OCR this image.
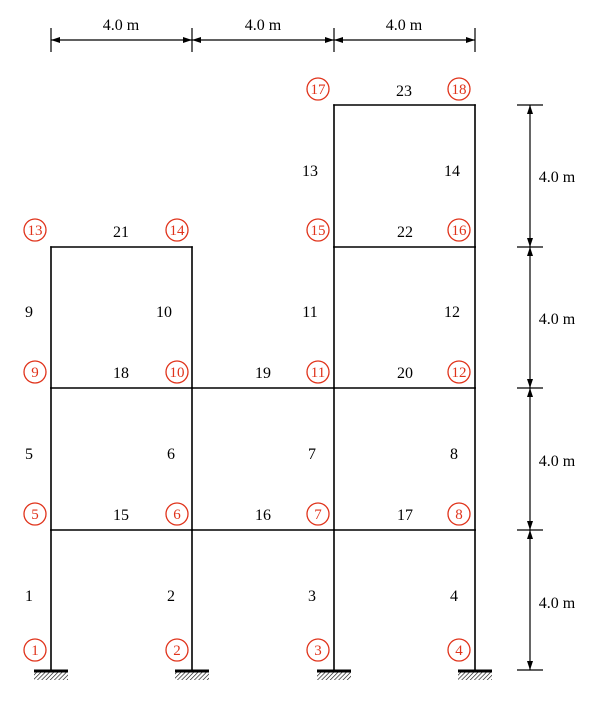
4.0 m	4.0 m	4.0 m
4.0 m
4.0 m
4.0 m
4.0 m
1	2	3	4
5	6	7	8
9	10	11	12
13	14
15	16	17
18	19	20
21	22
23
1	2	3	4
5	6	7	8
9	10	11	12
13	14	15	16
17	18
